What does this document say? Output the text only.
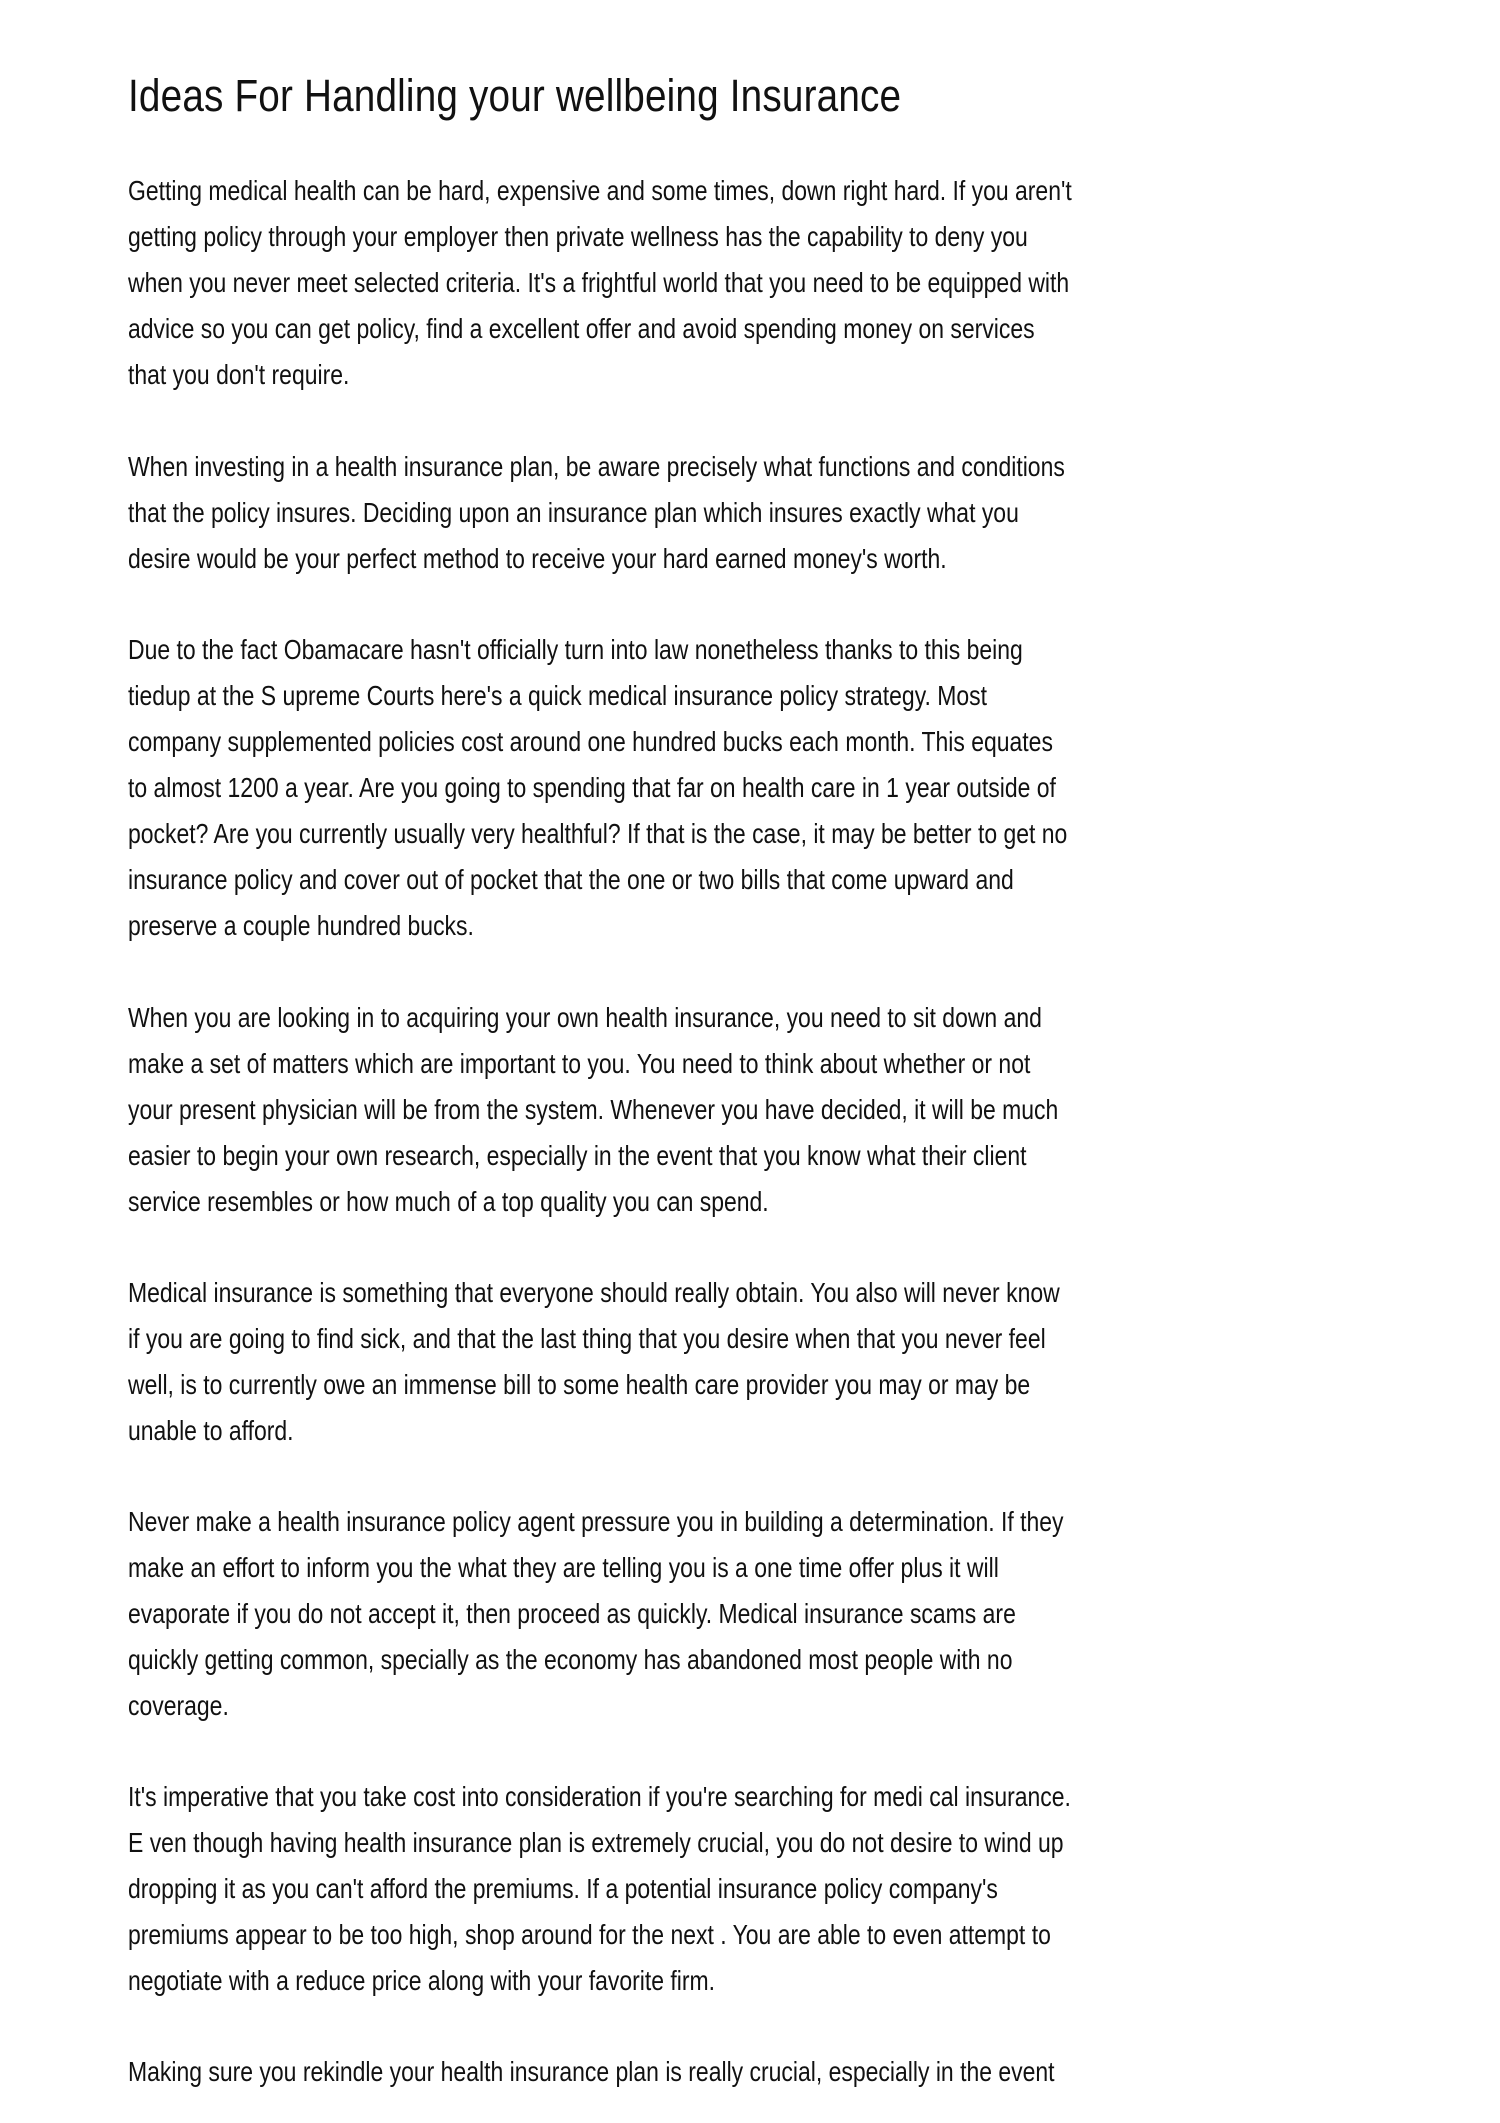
Ideas For Handling your wellbeing Insurance
Getting medical health can be hard, expensive and some times, down right hard. If you aren't
getting policy through your employer then private wellness has the capability to deny you
when you never meet selected criteria. It's a frightful world that you need to be equipped with
advice so you can get policy, find a excellent offer and avoid spending money on services
that you don't require.
When investing in a health insurance plan, be aware precisely what functions and conditions
that the policy insures. Deciding upon an insurance plan which insures exactly what you
desire would be your perfect method to receive your hard earned money's worth.
Due to the fact Obamacare hasn't officially turn into law nonetheless thanks to this being
tiedup at the S upreme Courts here's a quick medical insurance policy strategy. Most
company supplemented policies cost around one hundred bucks each month. This equates
to almost 1200 a year. Are you going to spending that far on health care in 1 year outside of
pocket? Are you currently usually very healthful? If that is the case, it may be better to get no
insurance policy and cover out of pocket that the one or two bills that come upward and
preserve a couple hundred bucks.
When you are looking in to acquiring your own health insurance, you need to sit down and
make a set of matters which are important to you. You need to think about whether or not
your present physician will be from the system. Whenever you have decided, it will be much
easier to begin your own research, especially in the event that you know what their client
service resembles or how much of a top quality you can spend.
Medical insurance is something that everyone should really obtain. You also will never know
if you are going to find sick, and that the last thing that you desire when that you never feel
well, is to currently owe an immense bill to some health care provider you may or may be
unable to afford.
Never make a health insurance policy agent pressure you in building a determination. If they
make an effort to inform you the what they are telling you is a one time offer plus it will
evaporate if you do not accept it, then proceed as quickly. Medical insurance scams are
quickly getting common, specially as the economy has abandoned most people with no
coverage.
It's imperative that you take cost into consideration if you're searching for medi cal insurance.
E ven though having health insurance plan is extremely crucial, you do not desire to wind up
dropping it as you can't afford the premiums. If a potential insurance policy company's
premiums appear to be too high, shop around for the next . You are able to even attempt to
negotiate with a reduce price along with your favorite firm.
Making sure you rekindle your health insurance plan is really crucial, especially in the event
